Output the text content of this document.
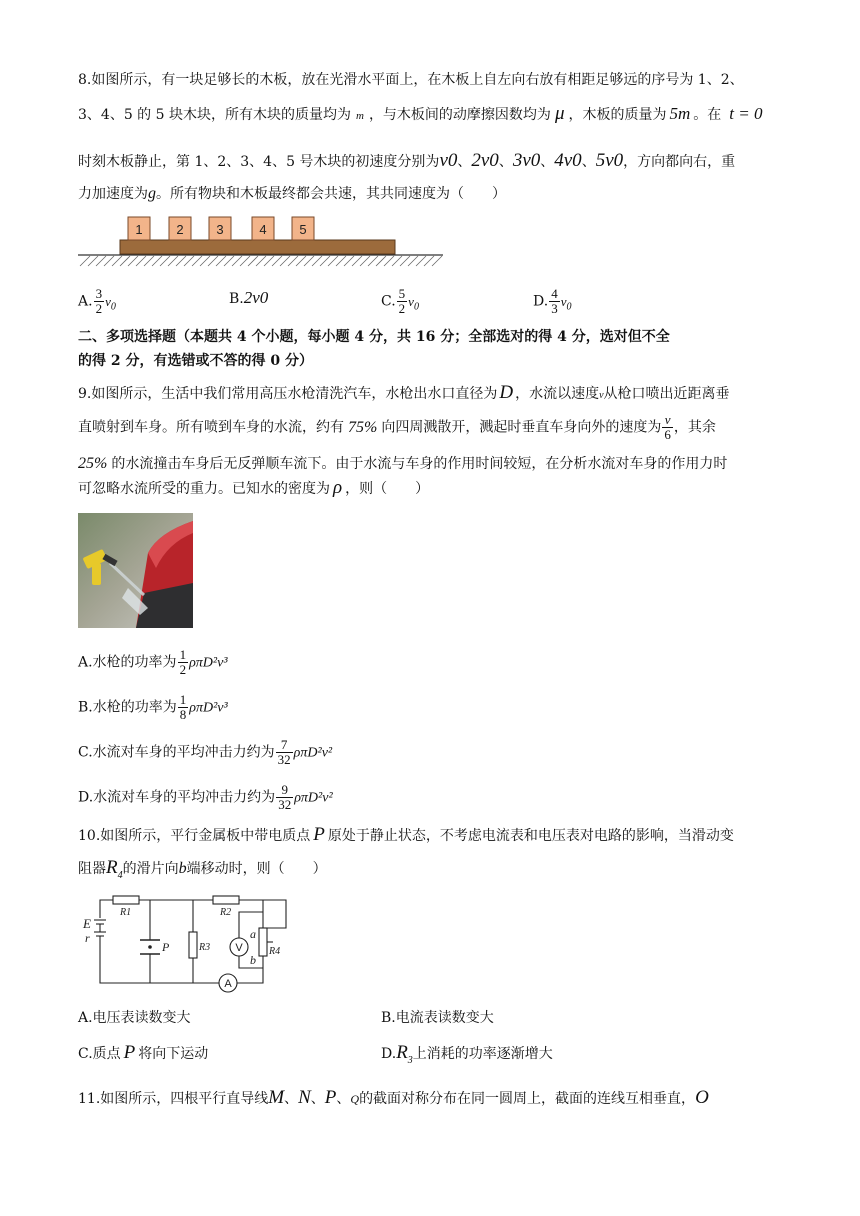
8.如图所示，有一块足够长的木板，放在光滑水平面上，在木板上自左向右放有相距足够远的序号为 1、2、
3、4、5 的 5 块木块，所有木块的质量均为 m ，与木板间的动摩擦因数均为 μ ，木板的质量为 5m 。在 t = 0
时刻木板静止，第 1、2、3、4、5 号木块的初速度分别为v0、2v0、3v0、4v0、5v0，方向都向右，重
力加速度为g。所有物块和木板最终都会共速，其共同速度为（　　）
1	2	3	4	5
A. $\frac{3}{2} v_0$	B.2v0	C. $\frac{5}{2} v_0$	D. $\frac{4}{3} v_0$
二、多项选择题（本题共 4 个小题，每小题 4 分，共 16 分；全部选对的得 4 分，选对但不全
的得 2 分，有选错或不答的得 0 分）
9.如图所示，生活中我们常用高压水枪清洗汽车，水枪出水口直径为 D ，水流以速度v从枪口喷出近距离垂
直喷射到车身。所有喷到车身的水流，约有 75% 向四周溅散开，溅起时垂直车身向外的速度为 $\frac{v}{6}$ ，其余
25% 的水流撞击车身后无反弹顺车流下。由于水流与车身的作用时间较短，在分析水流对车身的作用力时
可忽略水流所受的重力。已知水的密度为 ρ ，则（　　）
A.水枪的功率为 $\frac{1}{2} \rho\pi D^2v^3$
B.水枪的功率为 $\frac{1}{8} \rho\pi D^2v^3$
C.水流对车身的平均冲击力约为 $\frac{7}{32} \rho\pi D^2v^2$
D.水流对车身的平均冲击力约为 $\frac{9}{32} \rho\pi D^2v^2$
10.如图所示，平行金属板中带电质点 P 原处于静止状态，不考虑电流表和电压表对电路的影响，当滑动变
阻器$R_4$的滑片向b端移动时，则（　　）
E
r
R1	R2
R3	R4
P
a
b
V
A
A.电压表读数变大	B.电流表读数变大
C.质点 P 将向下运动	$D.R_3$上消耗的功率逐渐增大
11.如图所示，四根平行直导线M、N、P、Q的截面对称分布在同一圆周上，截面的连线互相垂直，O
